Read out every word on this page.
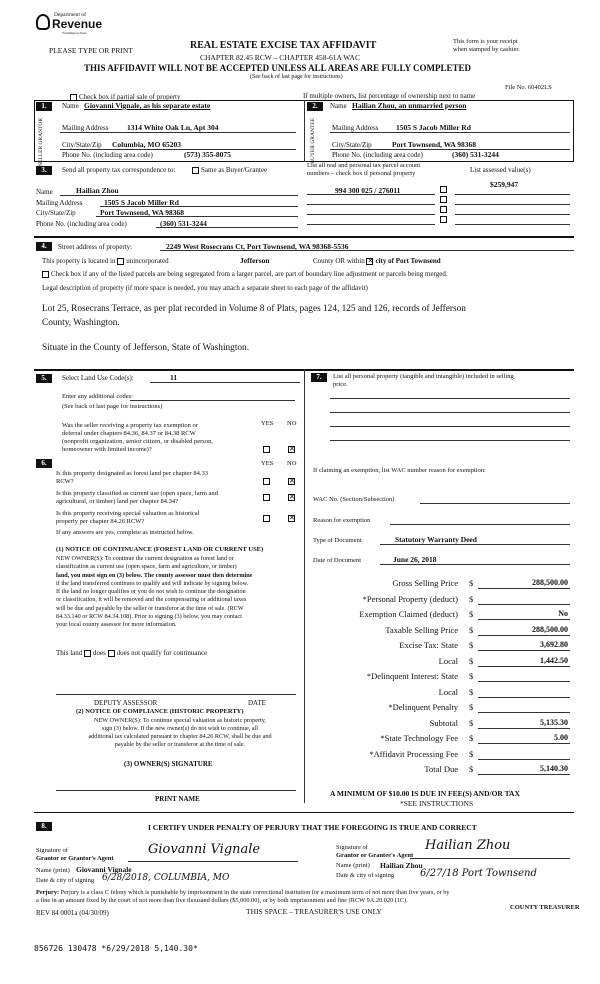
Department of
Revenue
Washington State
PLEASE TYPE OR PRINT	REAL ESTATE EXCISE TAX AFFIDAVIT
CHAPTER 82.45 RCW – CHAPTER 458-61A WAC
THIS AFFIDAVIT WILL NOT BE ACCEPTED UNLESS ALL AREAS ARE FULLY COMPLETED
(See back of last page for instructions)
This form is your receipt
when stamped by cashier.
File No. 60402LS
Check box if partial sale of property	If multiple owners, list percentage of ownership next to name
1.
SELLER GRANTOR
Name Giovanni Vignale, as his separate estate
Mailing Address 1314 White Oak Ln, Apt 304
City/State/Zip Columbia, MO 65203
Phone No. (including area code)	(573) 355-8075
2.
BUYER GRANTEE
Name Hailian Zhou, an unmarried person
Mailing Address 1505 S Jacob Miller Rd
City/State/Zip	Port Townsend, WA 98368
Phone No. (including area code)	(360) 531-3244
3.	Send all property tax correspondence to:	Same as Buyer/Grantee
List all real and personal tax parcel account
numbers – check box if personal property	List assessed value(s)
Name	Hailian Zhou
Mailing Address	1505 S Jacob Miller Rd
City/State/Zip	Port Townsend, WA 98368
Phone No. (including area code)	(360) 531-3244
994 300 025 / 276011
$259,947
4.	Street address of property:	2249 West Rosecrans Ct, Port Townsend, WA 98368-5536
This property is located in unincorporated	Jefferson	County OR within ✕ city of Port Townsend
Check box if any of the listed parcels are being segregated from a larger parcel, are part of boundary line adjustment or parcels being merged.
Legal description of property (if more space is needed, you may attach a separate sheet to each page of the affidavit)
Lot 25, Rosecrans Terrace, as per plat recorded in Volume 8 of Plats, pages 124, 125 and 126, records of Jefferson
County, Washington.
Situate in the County of Jefferson, State of Washington.
5.	Select Land Use Code(s):	11
Enter any additional codes:
(See back of last page for instructions)
YES NO
Was the seller receiving a property tax exemption or
deferral under chapters 84.36, 84.37 or 84.38 RCW
(nonprofit organization, senior citizen, or disabled person,
homeowner with limited income)?
✕
6.	YES NO
Is this property designated as forest land per chapter 84.33
RCW?
✕
Is this property classified as current use (open space, farm and
agricultural, or timber) land per chapter 84.34?
✕
Is this property receiving special valuation as historical
property per chapter 84.26 RCW?
✕
If any answers are yes, complete as instructed below.
(1) NOTICE OF CONTINUANCE (FOREST LAND OR CURRENT USE)
NEW OWNER(S): To continue the current designation as forest land or
classification as current use (open space, farm and agriculture, or timber)
land, you must sign on (3) below. The county assessor must then determine
if the land transferred continues to qualify and will indicate by signing below.
If the land no longer qualifies or you do not wish to continue the designation
or classification, it will be removed and the compensating or additional taxes
will be due and payable by the seller or transferor at the time of sale. (RCW
84.33.140 or RCW 84.34.108). Prior to signing (3) below, you may contact
your local county assessor for more information.
This land does does not qualify for continuance
DEPUTY ASSESSOR	DATE
(2) NOTICE OF COMPLIANCE (HISTORIC PROPERTY)
NEW OWNER(S): To continue special valuation as historic property,
sign (3) below. If the new owner(s) do not wish to continue, all
additional tax calculated pursuant to chapter 84.26 RCW, shall be due and
payable by the seller or transferor at the time of sale.
(3) OWNER(S) SIGNATURE
PRINT NAME
7.	List all personal property (tangible and intangible) included in selling
price.
If claiming an exemption, list WAC number reason for exemption:
WAC No. (Section/Subsection)
Reason for exemption
Type of Document	Statutory Warranty Deed
Date of Document	June 26, 2018
Gross Selling Price $	288,500.00
*Personal Property (deduct) $
Exemption Claimed (deduct) $	No
Taxable Selling Price $	288,500.00
Excise Tax: State $	3,692.80
Local $	1,442.50
*Delinquent Interest: State $
Local $
*Delinquent Penalty $
Subtotal $	5,135.30
*State Technology Fee $	5.00
*Affidavit Processing Fee $
Total Due $	5,140.30
A MINIMUM OF $10.00 IS DUE IN FEE(S) AND/OR TAX
*SEE INSTRUCTIONS
8.	I CERTIFY UNDER PENALTY OF PERJURY THAT THE FOREGOING IS TRUE AND CORRECT
Signature of
Grantor or Grantor's Agent
Giovanni Vignale
Name (print) Giovanni Vignale
Date & city of signing 6/28/2018, COLUMBIA, MO
Signature of
Grantor or Grantee's Agent
Hailian Zhou
Name (print) Hailian Zhou
Date & city of signing	6/27/18 Port Townsend
Perjury: Perjury is a class C felony which is punishable by imprisonment in the state correctional institution for a maximum term of not more than five years, or by
a fine in an amount fixed by the court of not more than five thousand dollars ($5,000.00), or by both imprisonment and fine (RCW 9A.20.020 (1C).
REV 84 0001a (04/30/09)	THIS SPACE – TREASURER'S USE ONLY	COUNTY TREASURER
856726 130478 *6/29/2018 5,140.30*
